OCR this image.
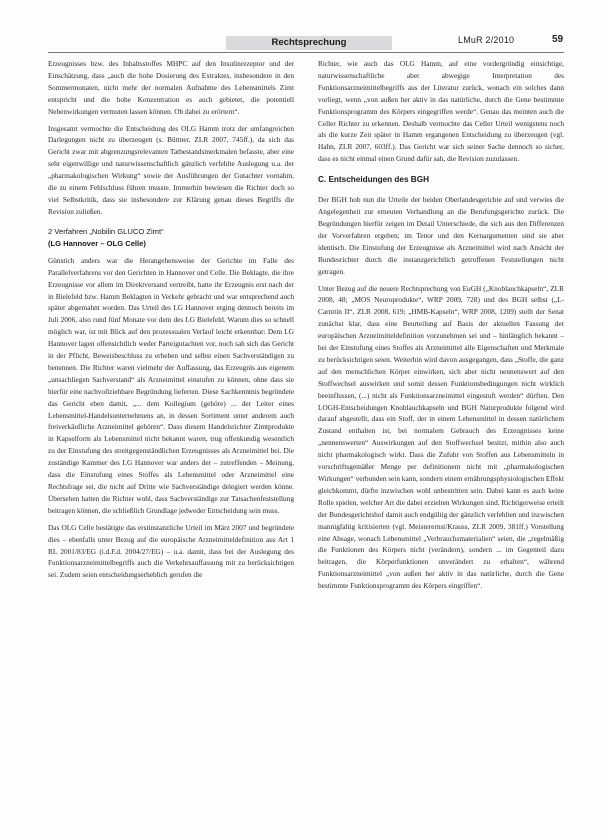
Rechtsprechung	LMuR 2/2010	59

Erzeugnisses bzw. des Inhaltsstoffes MHPC auf den Insulinrezeptor und der Einschätzung, dass „auch die hohe Dosierung des Extraktes, insbesondere in den Sommermonaten, nicht mehr der normalen Aufnahme des Lebensmittels Zimt entspricht und die hohe Konzentration es auch gebietet, die potentiell Nebenwirkungen vermuten lassen können. Ob dabei zu erörtern“.

Insgesamt vermochte die Entscheidung des OLG Hamm trotz der umfangreichen Darlegungen nicht zu überzeugen (s. Büttner, ZLR 2007, 745ff.), da sich das Gericht zwar mit abgrenzungsrelevanten Tatbestandsmerkmalen befasste, aber eine sehr eigenwillige und naturwissenschaftlich gänzlich verfehlte Auslegung u.a. der „pharmakologischen Wirkung“ sowie der Ausführungen der Gutachter vornahm, die zu einem Fehlschluss führen musste. Immerhin bewiesen die Richter doch so viel Selbstkritik, dass sie insbesondere zur Klärung genau dieses Begriffs die Revision zuließen.

2 Verfahren „Nobilin GLUCO Zimt“
(LG Hannover – OLG Celle)

Günstich anders war die Herangehensweise der Gerichte im Falle des Parallelverfahrens vor den Gerichten in Hannover und Celle. Die Beklagte, die ihre Erzeugnisse vor allem im Direktversand vertreibt, hatte ihr Erzeugnis erst nach der in Bielefeld bzw. Hamm Beklagten in Verkehr gebracht und war entsprechend auch später abgemahnt worden. Das Urteil des LG Hannover erging dennoch bereits im Juli 2006, also rund fünf Monate vor dem des LG Bielefeld. Warum dies so schnell möglich war, ist mit Blick auf den prozessualen Verlauf leicht erkennbar: Dem LG Hannover lagen offensichtlich weder Parteigutachten vor, noch sah sich das Gericht in der Pflicht, Beweisbeschluss zu erheben und selbst einen Sachverständigen zu benennen. Die Richter waren vielmehr der Auffassung, das Erzeugnis aus eigenem „unsachliegen Sachverstand“ als Arzneimittel einstufen zu können, ohne dass sie hierfür eine nachvollziehbare Begründung lieferten. Diese Sachkenntnis begründete das Gericht eben damit, „... dem Kollegium (gehöre) ... der Leiter eines Lebensmittel-Handelsunternehmens an, in dessen Sortiment unter anderem auch freiverkäufliche Arzneimittel gehören“. Dass diesem Handelsrichter Zimtprodukte in Kapselform als Lebensmittel nicht bekannt waren, trug offenkundig wesentlich zu der Einstufung des streitgegenständlichen Erzeugnisses als Arzneimittel bei. Die zuständige Kammer des LG Hannover war anders der – zutreffenden – Meinung, dass die Einstufung eines Stoffes als Lebensmittel oder Arzneimittel eine Rechtsfrage sei, die nicht auf Dritte wie Sachverständige delegiert werden könne. Übersehen hatten die Richter wohl, dass Sachverständige zur Tatsachenfeststellung beitragen können, die schließlich Grundlage jedweder Entscheidung sein muss.

Das OLG Celle bestätigte das erstinstanzliche Urteil im März 2007 und begründete dies – ebenfalls unter Bezug auf die europäische Arzneimitteldefinition aus Art 1 RL 2001/83/EG (i.d.F.d. 2004/27/EG) – u.a. damit, dass bei der Auslegung des Funktionsarzneimittelbegriffs auch die Verkehrsauffassung mit zu berücksichtigen sei. Zudem seien entscheidungserheblich gerufen die

Richter, wie auch das OLG Hamm, auf eine vordergründig einsichtige, naturwissenschaftliche aber abwegige Interpretation des Funktionsarzneimittelbegriffs aus der Literatur zurück, wonach ein solches dann vorliegt, wenn „von außen her aktiv in das natürliche, durch die Gene bestimmte Funktionsprogramm des Körpers eingegriffen werde“. Genau das meinten auch die Celler Richter zu erkennen. Deshalb vermochte das Celler Urteil wenigstens noch als die kurze Zeit später in Hamm ergangenen Entscheidung zu überzeugen (vgl. Hahn, ZLR 2007, 603ff.). Das Gericht war sich seiner Sache dennoch so sicher, dass es nicht einmal einen Grund dafür sah, die Revision zuzulassen.

C. Entscheidungen des BGH

Der BGH hob nun die Urteile der beiden Oberlandesgerichte auf und verwies die Angelegenheit zur erneuten Verhandlung an die Berufungsgerichte zurück. Die Begründungen hierfür zeigen im Detail Unterschiede, die sich aus den Differenzen der Vorverfahren ergeben; im Tenor und den Kernargumenten sind sie aber identisch. Die Einstufung der Erzeugnisse als Arzneimittel wird nach Ansicht der Bundesrichter durch die instanzgerichtlich getroffenen Feststellungen nicht getragen.

Unter Bezug auf die neuere Rechtsprechung von EuGH („Knoblauchkapseln“, ZLR 2008, 48; „MOS Neuroprodukte“, WRP 2009, 728) und des BGH selbst („L-Carnitin II“, ZLR 2008, 619; „HMB-Kapseln“, WRP 2008, 1209) stellt der Senat zunächst klar, dass eine Beurteilung auf Basis der aktuellen Fassung der europäischen Arzneimitteldefinition vorzunehmen sei und – hinlänglich bekannt – bei der Einstufung eines Stoffes als Arzneimittel alle Eigenschaften und Merkmale zu berücksichtigen seien. Weiterhin wird davon ausgegangen, dass „Stoffe, die ganz auf den menschlichen Körper einwirken, sich aber nicht nennenswert auf den Stoffwechsel auswirken und somit dessen Funktionsbedingungen nicht wirklich beeinflussen, (...) nicht als Funktionsarzneimittel eingestuft werden“ dürften. Den LOGH-Entscheidungen Knoblauchkapseln und BGH Naturprodukte folgend wird darauf abgestellt, dass ein Stoff, der in einem Lebensmittel in dessen natürlichem Zustand enthalten ist, bei normalem Gebrauch des Erzeugnisses keine „nennenswerten“ Auswirkungen auf den Stoffwechsel besitzt, mithin also auch nicht pharmakologisch wirkt. Dass die Zufuhr von Stoffen aus Lebensmitteln in vorschriftsgemäßer Menge per definitionem nicht mit „pharmakologischen Wirkungen“ verbunden sein kann, sondern einem ernährungsphysiologischen Effekt gleichkommt, dürfte inzwischen wohl unbestritten sein. Dabei kann es auch keine Rolle spielen, welcher Art die dabei erzielten Wirkungen sind. Richtigerweise erteilt der Bundesgerichtshof damit auch endgültig der gänzlich verfehlten und inzwischen mannigfaltig kritisierten (vgl. Meisterernst/Krauss, ZLR 2009, 381ff.) Vorstellung eine Absage, wonach Lebensmittel „Verbrauchsmaterialien“ seien, die „regelmäßig die Funktionen des Körpers nicht (verändern), sondern ... im Gegenteil dazu beitragen, die Körperfunktionen unverändert zu erhalten“, während Funktionsarzneimittel „von außen her aktiv in das natürliche, durch die Gene bestimmte Funktionsprogramm des Körpers eingriffen“.
